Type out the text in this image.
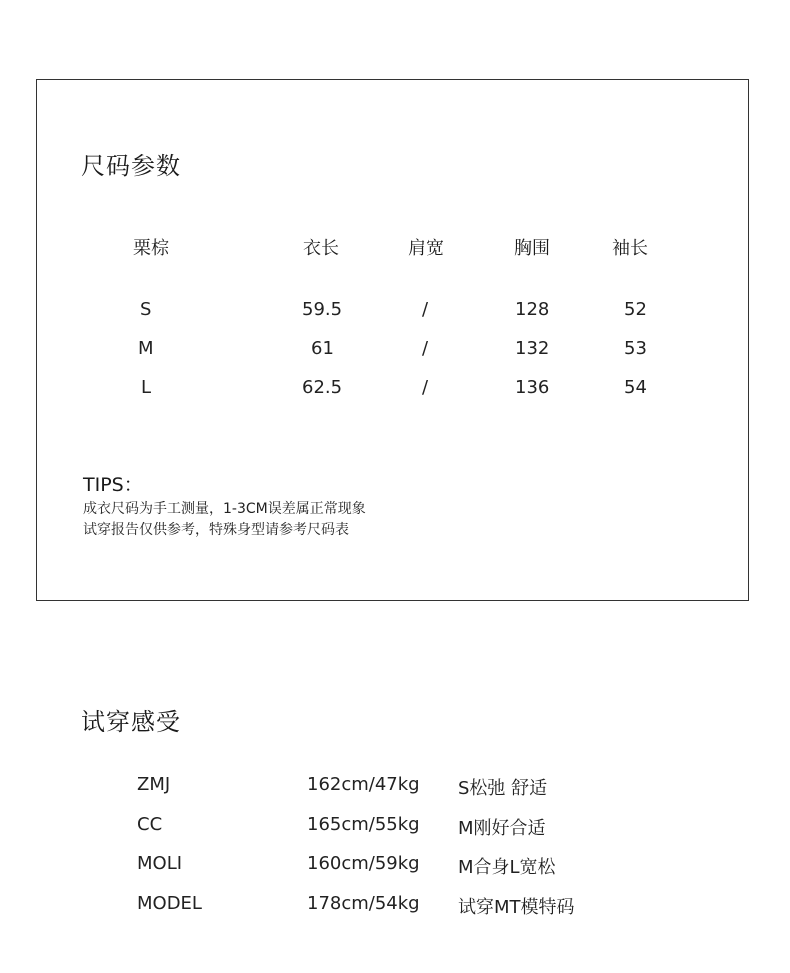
尺码参数
栗棕	衣长	肩宽	胸围	袖长
S	59.5	/	128	52
M	61	/	132	53
L	62.5	/	136	54
TIPS：
成衣尺码为手工测量，1-3CM误差属正常现象
试穿报告仅供参考，特殊身型请参考尺码表
试穿感受
ZMJ	162cm/47kg S松弛 舒适
CC	165cm/55kg M刚好合适
MOLI	160cm/59kg M合身L宽松
MODEL	178cm/54kg 试穿MT模特码
